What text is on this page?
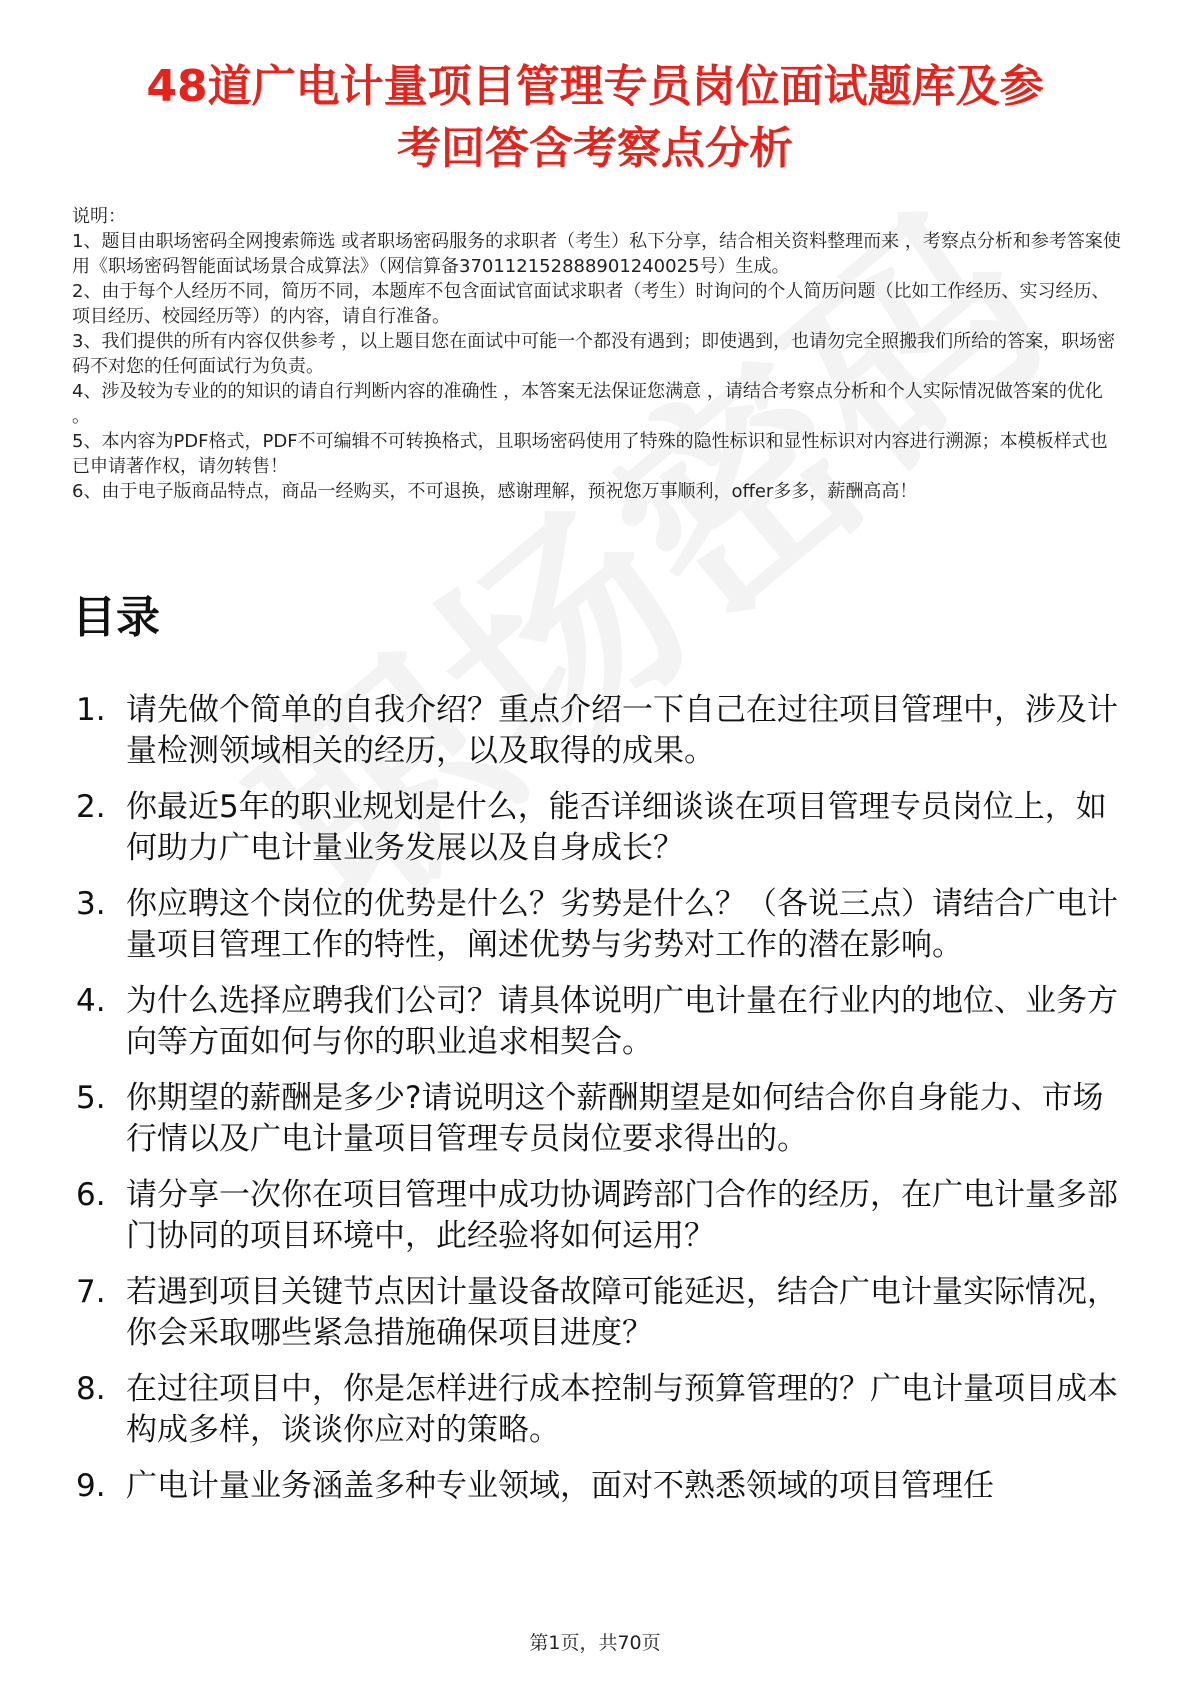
48道广电计量项目管理专员岗位面试题库及参
考回答含考察点分析

说明：

1、题目由职场密码全网搜索筛选 或者职场密码服务的求职者（考生）私下分享，结合相关资料整理而来 ，考察点分析和参考答案使用《职场密码智能面试场景合成算法》（网信算备370112152888901240025号）生成。

2、由于每个人经历不同，简历不同，本题库不包含面试官面试求职者（考生）时询问的个人简历问题（比如工作经历、实习经历、项目经历、校园经历等）的内容，请自行准备。

3、我们提供的所有内容仅供参考 ，以上题目您在面试中可能一个都没有遇到；即使遇到，也请勿完全照搬我们所给的答案，职场密码不对您的任何面试行为负责。

4、涉及较为专业的的知识的请自行判断内容的准确性 ，本答案无法保证您满意 ，请结合考察点分析和个人实际情况做答案的优化 。

5、本内容为PDF格式，PDF不可编辑不可转换格式，且职场密码使用了特殊的隐性标识和显性标识对内容进行溯源；本模板样式也已申请著作权，请勿转售！

6、由于电子版商品特点，商品一经购买，不可退换，感谢理解，预祝您万事顺利，offer多多，薪酬高高！

目录
1. 请先做个简单的自我介绍？重点介绍一下自己在过往项目管理中，涉及计量检测领域相关的经历，以及取得的成果。
2. 你最近5年的职业规划是什么，能否详细谈谈在项目管理专员岗位上，如何助力广电计量业务发展以及自身成长？
3. 你应聘这个岗位的优势是什么？劣势是什么？（各说三点）请结合广电计量项目管理工作的特性，阐述优势与劣势对工作的潜在影响。
4. 为什么选择应聘我们公司？请具体说明广电计量在行业内的地位、业务方向等方面如何与你的职业追求相契合。
5. 你期望的薪酬是多少?请说明这个薪酬期望是如何结合你自身能力、市场行情以及广电计量项目管理专员岗位要求得出的。
6. 请分享一次你在项目管理中成功协调跨部门合作的经历，在广电计量多部门协同的项目环境中，此经验将如何运用？
7. 若遇到项目关键节点因计量设备故障可能延迟，结合广电计量实际情况，你会采取哪些紧急措施确保项目进度？
8. 在过往项目中，你是怎样进行成本控制与预算管理的？广电计量项目成本构成多样，谈谈你应对的策略。
9. 广电计量业务涵盖多种专业领域，面对不熟悉领域的项目管理任
第1页，共70页
